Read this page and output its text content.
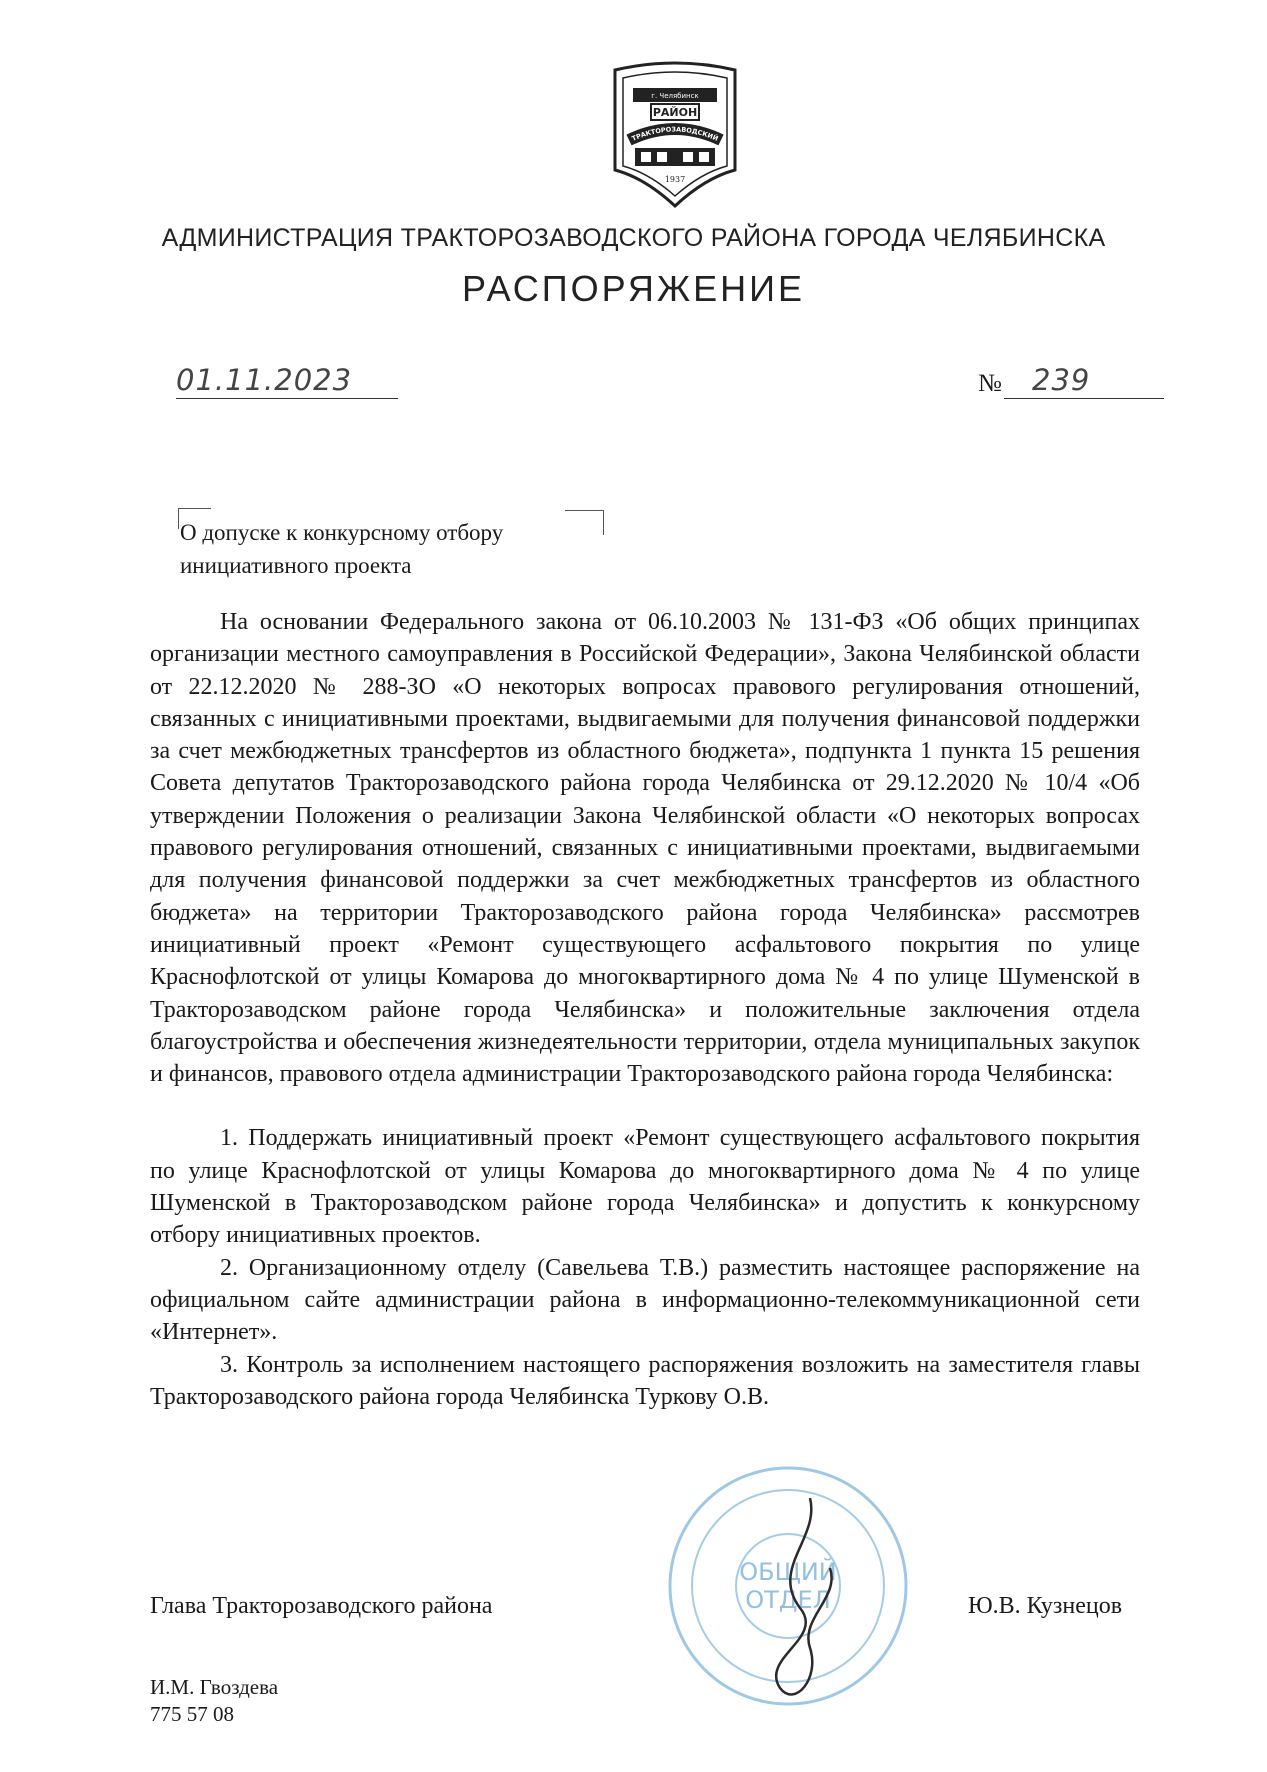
г. Челябинск
РАЙОН
ТРАКТОРОЗАВОДСКИЙ
1937
АДМИНИСТРАЦИЯ ТРАКТОРОЗАВОДСКОГО РАЙОНА ГОРОДА ЧЕЛЯБИНСКА
РАСПОРЯЖЕНИЕ
01.11.2023	№ 239
О допуске к конкурсному отбору
инициативного проекта

На основании Федерального закона от 06.10.2003 № 131-ФЗ «Об общих принципах организации местного самоуправления в Российской Федерации», Закона Челябинской области от 22.12.2020 № 288-ЗО «О некоторых вопросах правового регулирования отношений, связанных с инициативными проектами, выдвигаемыми для получения финансовой поддержки за счет межбюджетных трансфертов из областного бюджета», подпункта 1 пункта 15 решения Совета депутатов Тракторозаводского района города Челябинска от 29.12.2020 № 10/4 «Об утверждении Положения о реализации Закона Челябинской области «О некоторых вопросах правового регулирования отношений, связанных с инициативными проектами, выдвигаемыми для получения финансовой поддержки за счет межбюджетных трансфертов из областного бюджета» на территории Тракторозаводского района города Челябинска» рассмотрев инициативный проект «Ремонт существующего асфальтового покрытия по улице Краснофлотской от улицы Комарова до многоквартирного дома № 4 по улице Шуменской в Тракторозаводском районе города Челябинска» и положительные заключения отдела благоустройства и обеспечения жизнедеятельности территории, отдела муниципальных закупок и финансов, правового отдела администрации Тракторозаводского района города Челябинска:

1. Поддержать инициативный проект «Ремонт существующего асфальтового покрытия по улице Краснофлотской от улицы Комарова до многоквартирного дома № 4 по улице Шуменской в Тракторозаводском районе города Челябинска» и допустить к конкурсному отбору инициативных проектов.

2. Организационному отделу (Савельева Т.В.) разместить настоящее распоряжение на официальном сайте администрации района в информационно-телекоммуникационной сети «Интернет».

3. Контроль за исполнением настоящего распоряжения возложить на заместителя главы Тракторозаводского района города Челябинска Туркову О.В.

ОБЩИЙ
ОТДЕЛ
Глава Тракторозаводского района	Ю.В. Кузнецов
И.М. Гвоздева
775 57 08
